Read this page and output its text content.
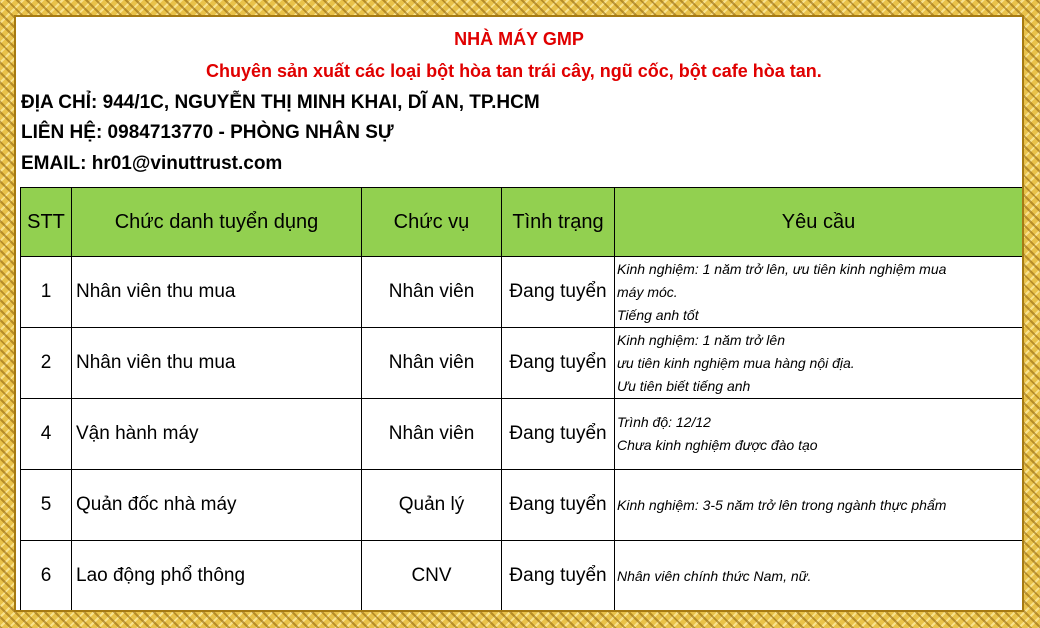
NHÀ MÁY GMP
Chuyên sản xuất các loại bột hòa tan trái cây, ngũ cốc, bột cafe hòa tan.
ĐỊA CHỈ: 944/1C, NGUYỄN THỊ MINH KHAI, DĨ AN, TP.HCM
LIÊN HỆ: 0984713770 - PHÒNG NHÂN SỰ
EMAIL: hr01@vinuttrust.com
STT	Chức danh tuyển dụng	Chức vụ	Tình trạng	Yêu cầu
1	Nhân viên thu mua	Nhân viên	Đang tuyển	Kinh nghiệm: 1 năm trở lên, ưu tiên kinh nghiệm mua
máy móc.
Tiếng anh tốt

2	Nhân viên thu mua	Nhân viên	Đang tuyển	Kinh nghiệm: 1 năm trở lên
ưu tiên kinh nghiệm mua hàng nội địa.
Ưu tiên biết tiếng anh

4	Vận hành máy	Nhân viên	Đang tuyển	Trình độ: 12/12
Chưa kinh nghiệm được đào tạo

5	Quản đốc nhà máy	Quản lý	Đang tuyển	Kinh nghiệm: 3-5 năm trở lên trong ngành thực phẩm

6	Lao động phổ thông	CNV	Đang tuyển	Nhân viên chính thức Nam, nữ.
